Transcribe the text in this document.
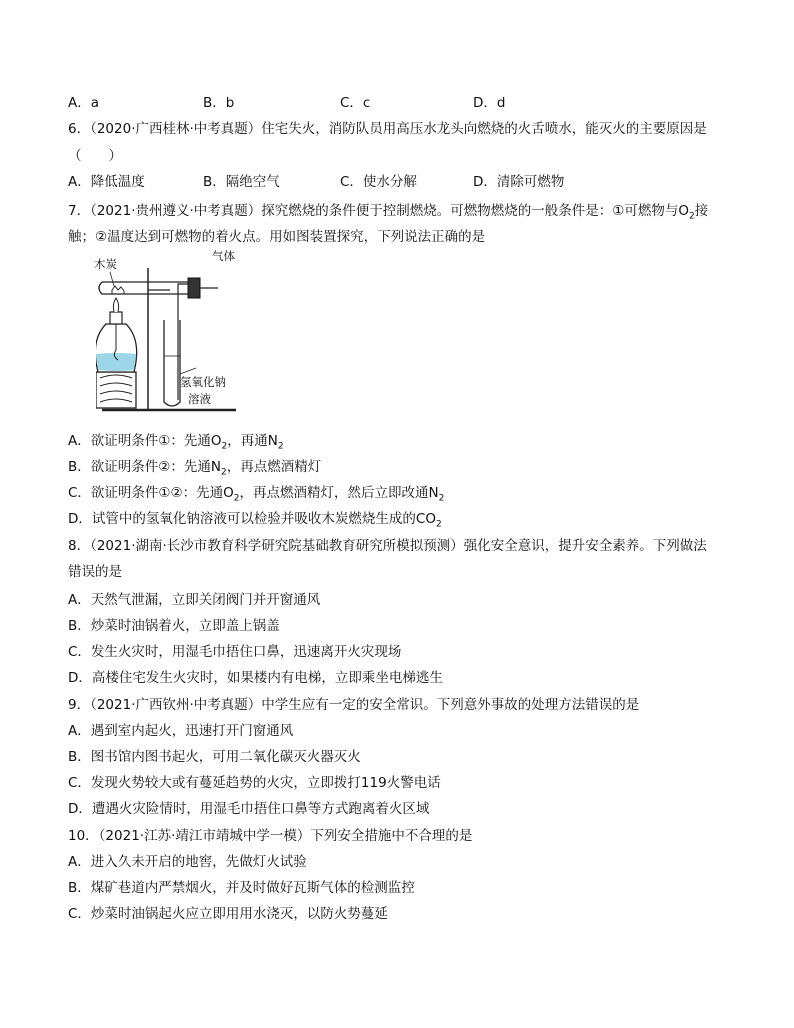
A．a	B．b	C．c	D．d
6．（2020·广西桂林·中考真题）住宅失火，消防队员用高压水龙头向燃烧的火舌喷水，能灭火的主要原因是
（　　）
A．降低温度	B．隔绝空气	C．使水分解	D．清除可燃物
7．（2021·贵州遵义·中考真题）探究燃烧的条件便于控制燃烧。可燃物燃烧的一般条件是：①可燃物与$O_2$接
触；②温度达到可燃物的着火点。用如图装置探究，下列说法正确的是
木炭
气体
氢氧化钠
溶液
A．欲证明条件①：先通$O_2$，再通$N_2$
B．欲证明条件②：先通$N_2$，再点燃酒精灯
C．欲证明条件①②：先通$O_2$，再点燃酒精灯，然后立即改通$N_2$
D．试管中的氢氧化钠溶液可以检验并吸收木炭燃烧生成的$CO_2$
8．（2021·湖南·长沙市教育科学研究院基础教育研究所模拟预测）强化安全意识，提升安全素养。下列做法
错误的是
A．天然气泄漏，立即关闭阀门并开窗通风
B．炒菜时油锅着火，立即盖上锅盖
C．发生火灾时，用湿毛巾捂住口鼻，迅速离开火灾现场
D．高楼住宅发生火灾时，如果楼内有电梯，立即乘坐电梯逃生
9．（2021·广西钦州·中考真题）中学生应有一定的安全常识。下列意外事故的处理方法错误的是
A．遇到室内起火，迅速打开门窗通风
B．图书馆内图书起火，可用二氧化碳灭火器灭火
C．发现火势较大或有蔓延趋势的火灾，立即拨打119火警电话
D．遭遇火灾险情时，用湿毛巾捂住口鼻等方式跑离着火区域
10．（2021·江苏·靖江市靖城中学一模）下列安全措施中不合理的是
A．进入久未开启的地窖，先做灯火试验
B．煤矿巷道内严禁烟火，并及时做好瓦斯气体的检测监控
C．炒菜时油锅起火应立即用用水浇灭，以防火势蔓延
